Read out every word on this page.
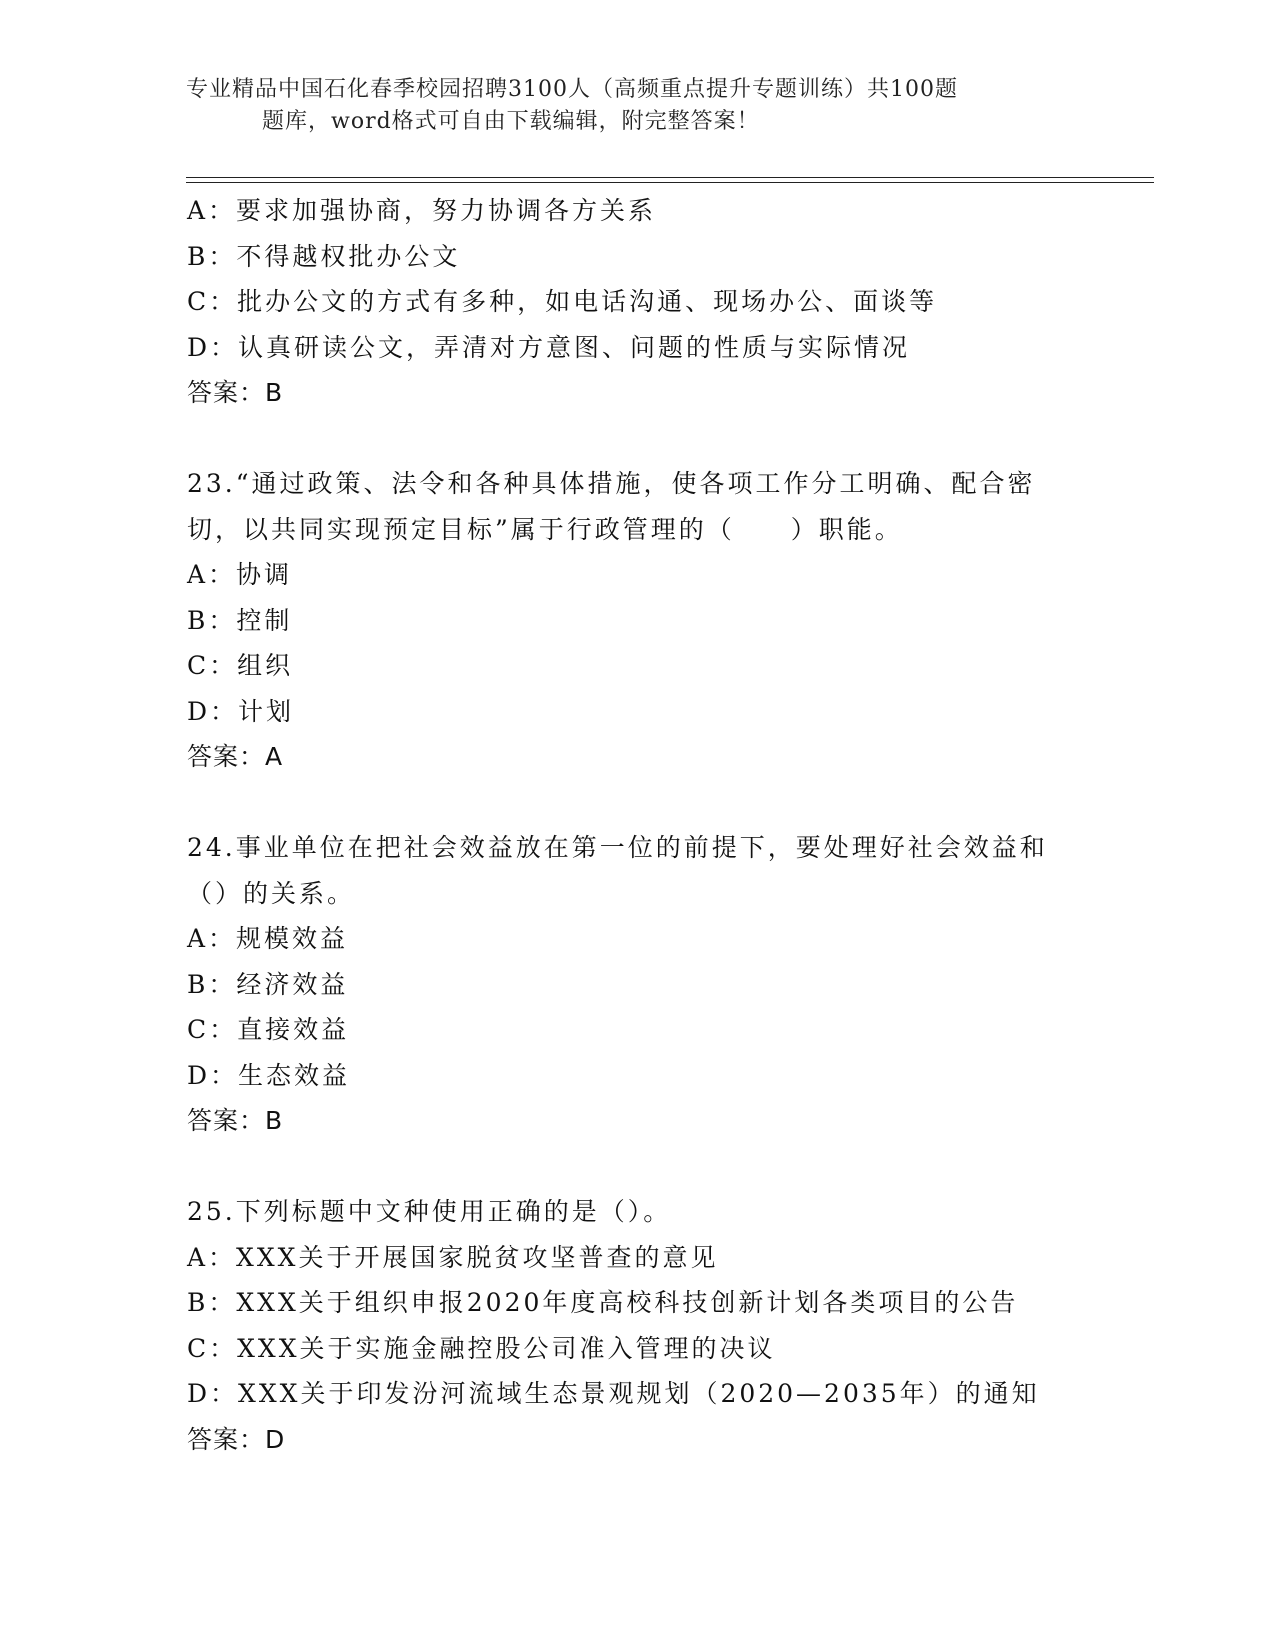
专业精品中国石化春季校园招聘3100人（高频重点提升专题训练）共100题
题库，word格式可自由下载编辑，附完整答案！
A：要求加强协商，努力协调各方关系
B：不得越权批办公文
C：批办公文的方式有多种，如电话沟通、现场办公、面谈等
D：认真研读公文，弄清对方意图、问题的性质与实际情况
答案：B
23.“通过政策、法令和各种具体措施，使各项工作分工明确、配合密
切，以共同实现预定目标”属于行政管理的（　　）职能。
A：协调
B：控制
C：组织
D：计划
答案：A
24.事业单位在把社会效益放在第一位的前提下，要处理好社会效益和
（）的关系。
A：规模效益
B：经济效益
C：直接效益
D：生态效益
答案：B
25.下列标题中文种使用正确的是（）。
A：XXX关于开展国家脱贫攻坚普查的意见
B：XXX关于组织申报2020年度高校科技创新计划各类项目的公告
C：XXX关于实施金融控股公司准入管理的决议
D：XXX关于印发汾河流域生态景观规划（2020—2035年）的通知
答案：D
